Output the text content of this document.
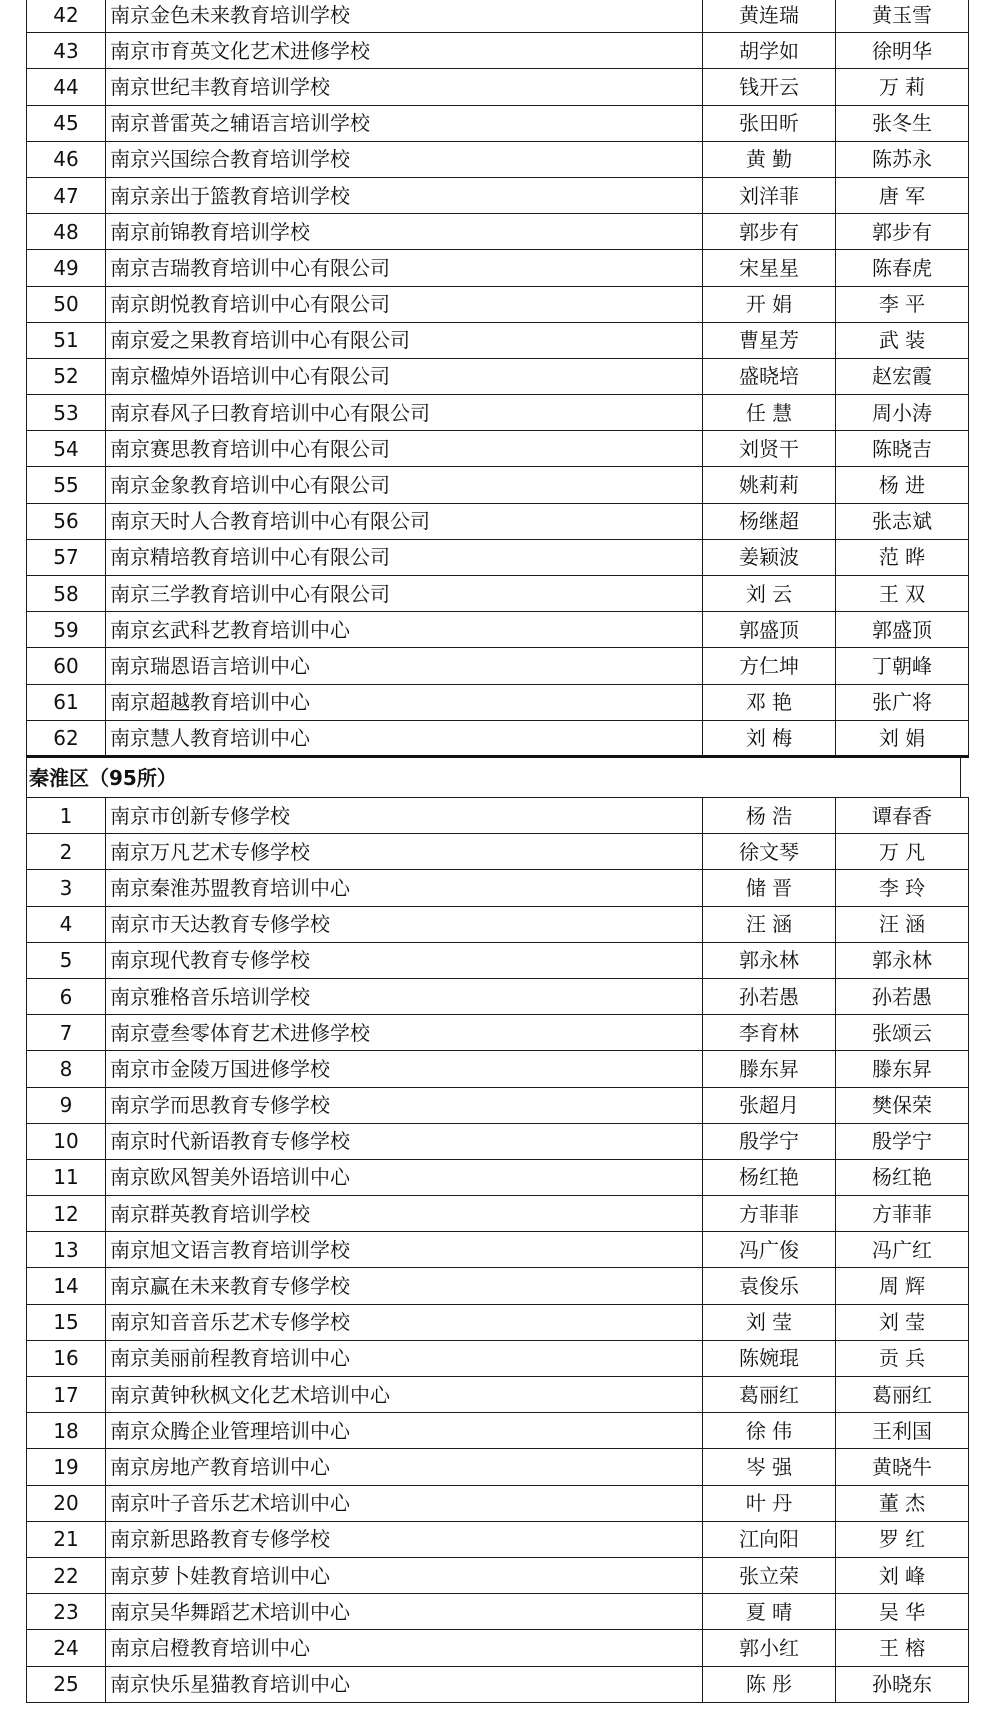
42	南京金色未来教育培训学校	黄连瑞	黄玉雪
43	南京市育英文化艺术进修学校	胡学如	徐明华
44	南京世纪丰教育培训学校	钱开云	万 莉
45	南京普雷英之辅语言培训学校	张田昕	张冬生
46	南京兴国综合教育培训学校	黄 勤	陈苏永
47	南京亲出于篮教育培训学校	刘洋菲	唐 军
48	南京前锦教育培训学校	郭步有	郭步有
49	南京吉瑞教育培训中心有限公司	宋星星	陈春虎
50	南京朗悦教育培训中心有限公司	开 娟	李 平
51	南京爱之果教育培训中心有限公司	曹星芳	武 装
52	南京楹焯外语培训中心有限公司	盛晓培	赵宏霞
53	南京春风子曰教育培训中心有限公司	任 慧	周小涛
54	南京赛思教育培训中心有限公司	刘贤干	陈晓吉
55	南京金象教育培训中心有限公司	姚莉莉	杨 进
56	南京天时人合教育培训中心有限公司	杨继超	张志斌
57	南京精培教育培训中心有限公司	姜颖波	范 晔
58	南京三学教育培训中心有限公司	刘 云	王 双
59	南京玄武科艺教育培训中心	郭盛顶	郭盛顶
60	南京瑞恩语言培训中心	方仁坤	丁朝峰
61	南京超越教育培训中心	邓 艳	张广将
62	南京慧人教育培训中心	刘 梅	刘 娟
秦淮区（95所）
1	南京市创新专修学校	杨 浩	谭春香
2	南京万凡艺术专修学校	徐文琴	万 凡
3	南京秦淮苏盟教育培训中心	储 晋	李 玲
4	南京市天达教育专修学校	汪 涵	汪 涵
5	南京现代教育专修学校	郭永林	郭永林
6	南京雅格音乐培训学校	孙若愚	孙若愚
7	南京壹叁零体育艺术进修学校	李育林	张颂云
8	南京市金陵万国进修学校	滕东昇	滕东昇
9	南京学而思教育专修学校	张超月	樊保荣
10	南京时代新语教育专修学校	殷学宁	殷学宁
11	南京欧风智美外语培训中心	杨红艳	杨红艳
12	南京群英教育培训学校	方菲菲	方菲菲
13	南京旭文语言教育培训学校	冯广俊	冯广红
14	南京赢在未来教育专修学校	袁俊乐	周 辉
15	南京知音音乐艺术专修学校	刘 莹	刘 莹
16	南京美丽前程教育培训中心	陈婉琨	贡 兵
17	南京黄钟秋枫文化艺术培训中心	葛丽红	葛丽红
18	南京众腾企业管理培训中心	徐 伟	王利国
19	南京房地产教育培训中心	岑 强	黄晓牛
20	南京叶子音乐艺术培训中心	叶 丹	董 杰
21	南京新思路教育专修学校	江向阳	罗 红
22	南京萝卜娃教育培训中心	张立荣	刘 峰
23	南京吴华舞蹈艺术培训中心	夏 晴	吴 华
24	南京启橙教育培训中心	郭小红	王 榕
25	南京快乐星猫教育培训中心	陈 彤	孙晓东
